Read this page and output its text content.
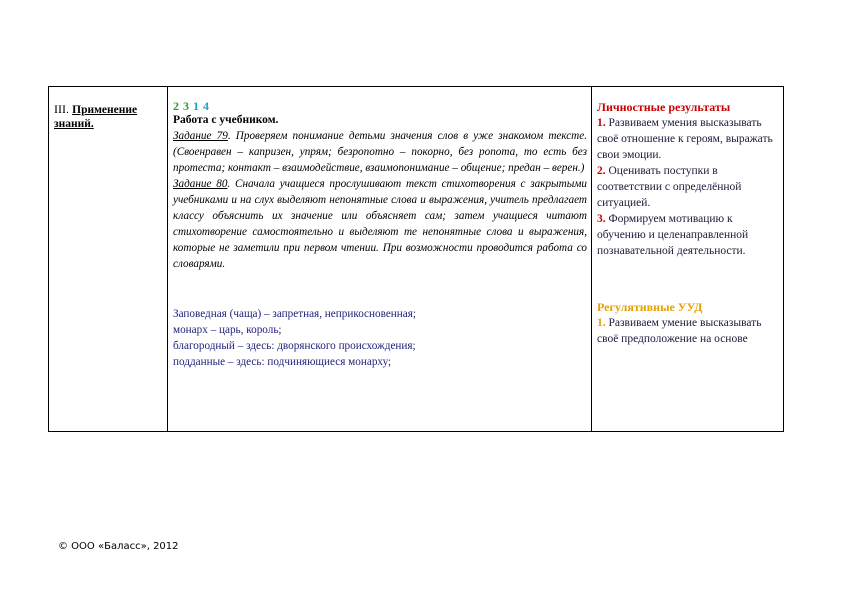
III. Применение знаний.

2 3 1 4
Работа с учебником.
Задание 79. Проверяем понимание детьми значения слов в уже знакомом тексте. (Своенравен – капризен, упрям; безропотно – покорно, без ропота, то есть без протеста; контакт – взаимодействие, взаимопонимание – общение; предан – верен.)
Задание 80. Сначала учащиеся прослушивают текст стихотворения с закрытыми учебниками и на слух выделяют непонятные слова и выражения, учитель предлагает классу объяснить их значение или объясняет сам; затем учащиеся читают стихотворение самостоятельно и выделяют те непонятные слова и выражения, которые не заметили при первом чтении. При возможности проводится работа со словарями.
Заповедная (чаща) – запретная, неприкосновенная;
монарх – царь, король;
благородный – здесь: дворянского происхождения;
подданные – здесь: подчиняющиеся монарху;

Личностные результаты
1. Развиваем умения высказывать своё отношение к героям, выражать свои эмоции.
2. Оценивать поступки в соответствии с определённой ситуацией.
3. Формируем мотивацию к обучению и целенаправленной познавательной деятельности.
Регулятивные УУД
1. Развиваем умение высказывать своё предположение на основе
© ООО «Баласс», 2012
